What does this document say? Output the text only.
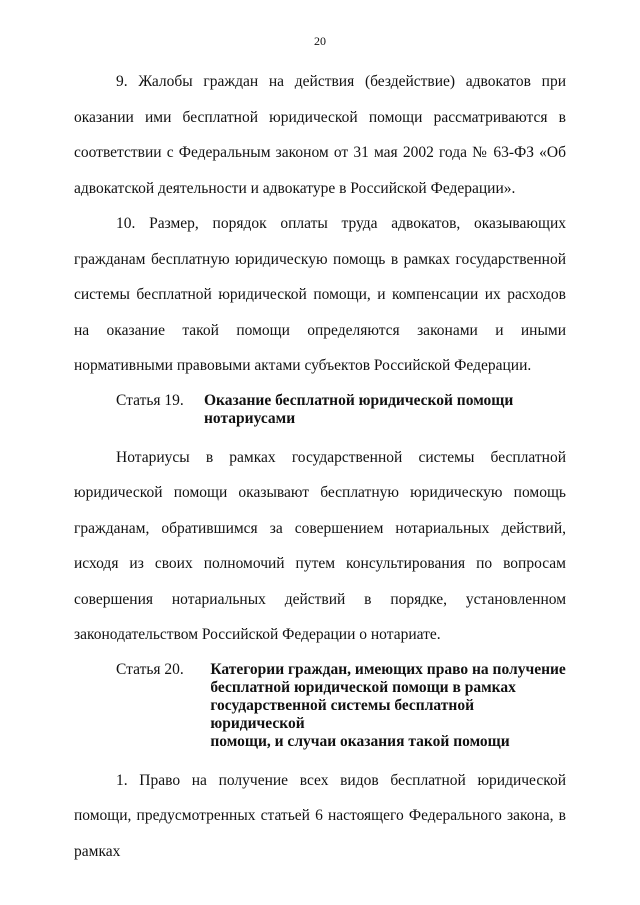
20

9. Жалобы граждан на действия (бездействие) адвокатов при оказании ими бесплатной юридической помощи рассматриваются в соответствии с Федеральным законом от 31 мая 2002 года № 63-ФЗ «Об адвокатской деятельности и адвокатуре в Российской Федерации».

10. Размер, порядок оплаты труда адвокатов, оказывающих гражданам бесплатную юридическую помощь в рамках государственной системы бесплатной юридической помощи, и компенсации их расходов на оказание такой помощи определяются законами и иными нормативными правовыми актами субъектов Российской Федерации.

Статья 19.	Оказание бесплатной юридической помощи
нотариусами

Нотариусы в рамках государственной системы бесплатной юридической помощи оказывают бесплатную юридическую помощь гражданам, обратившимся за совершением нотариальных действий, исходя из своих полномочий путем консультирования по вопросам совершения нотариальных действий в порядке, установленном законодательством Российской Федерации о нотариате.

Статья 20.	Категории граждан, имеющих право на получение
бесплатной юридической помощи в рамках
государственной системы бесплатной юридической
помощи, и случаи оказания такой помощи

1. Право на получение всех видов бесплатной юридической помощи, предусмотренных статьей 6 настоящего Федерального закона, в рамках
